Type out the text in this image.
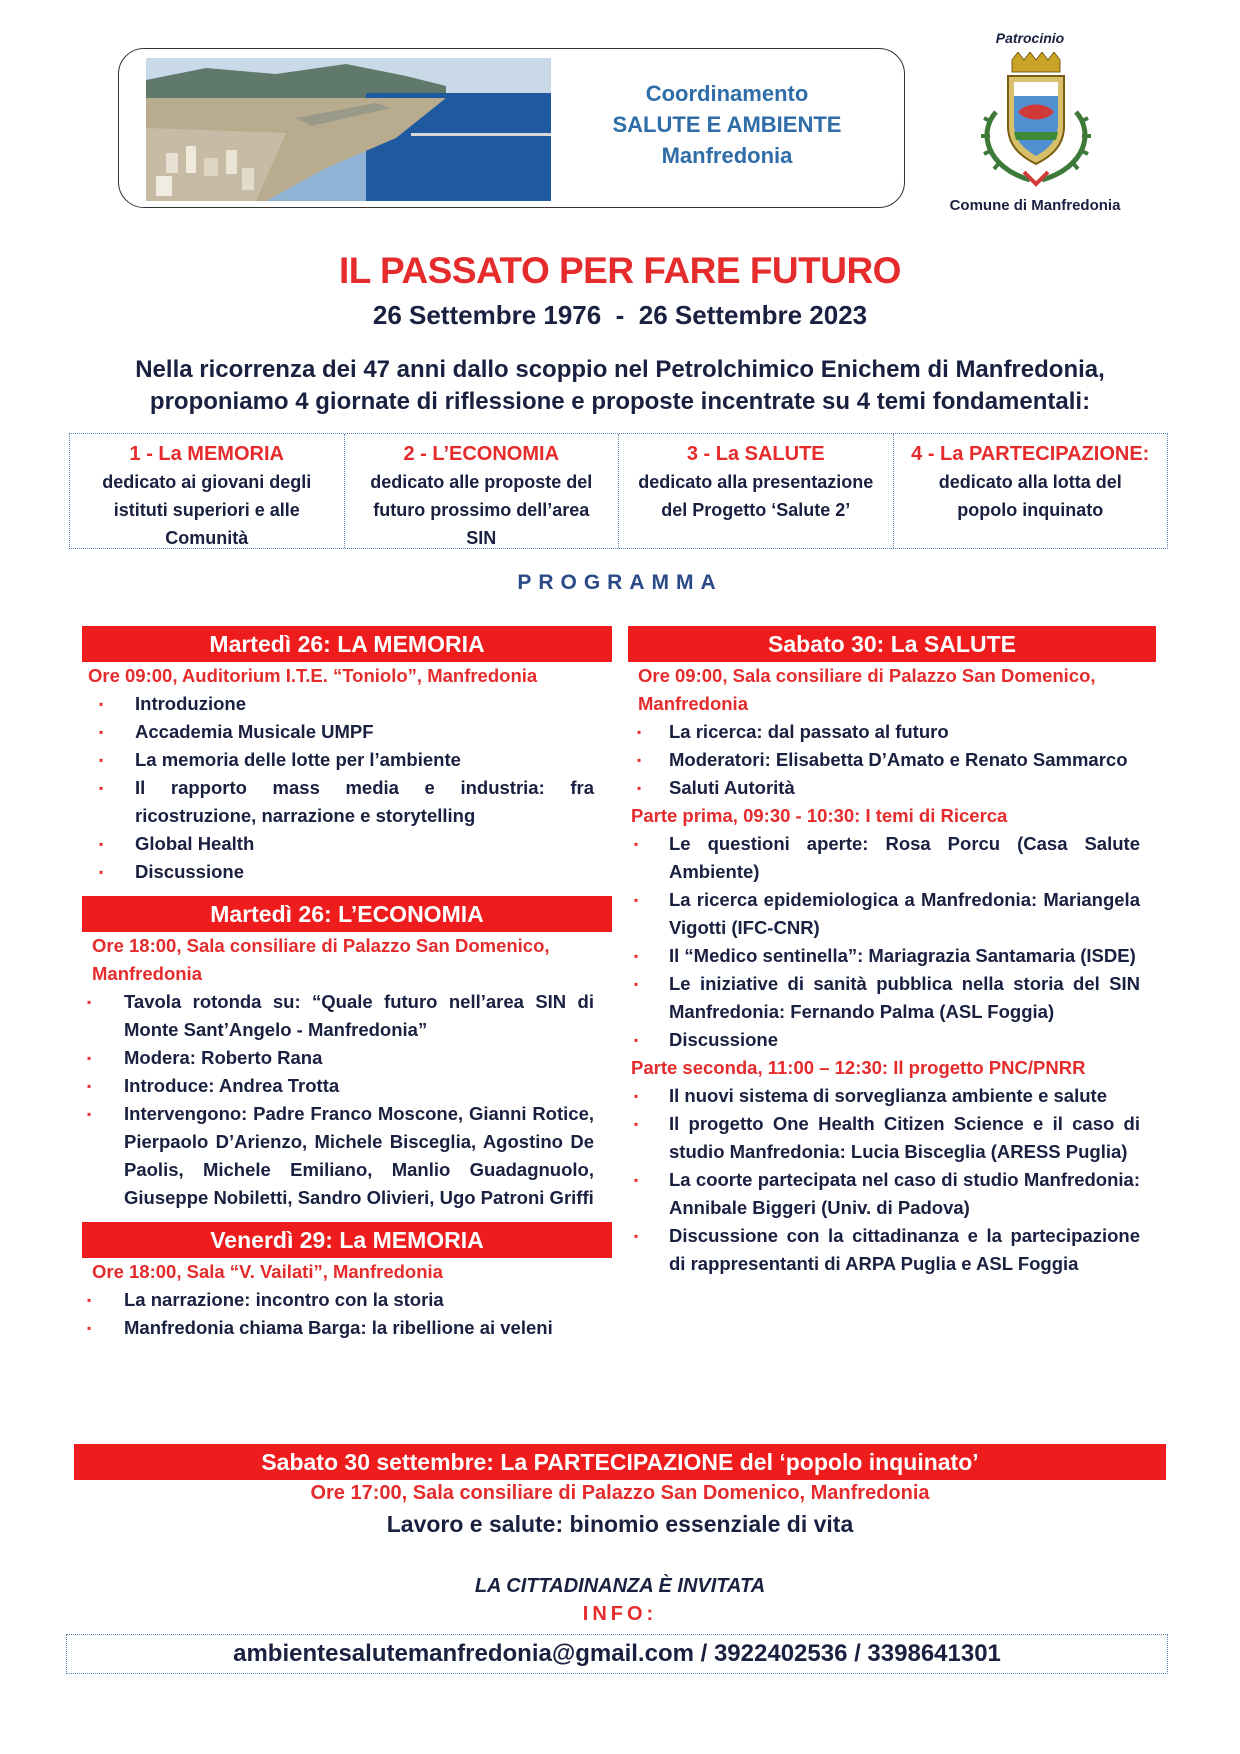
Coordinamento
SALUTE E AMBIENTE
Manfredonia
Patrocinio
Comune di Manfredonia
IL PASSATO PER FARE FUTURO
26 Settembre 1976  -  26 Settembre 2023
Nella ricorrenza dei 47 anni dallo scoppio nel Petrolchimico Enichem di Manfredonia,
proponiamo 4 giornate di riflessione e proposte incentrate su 4 temi fondamentali:
1 - La MEMORIA
dedicato ai giovani degli istituti superiori e alle Comunità
2 - L’ECONOMIA
dedicato alle proposte del futuro prossimo dell’area SIN
3 - La SALUTE
dedicato alla presentazione del Progetto ‘Salute 2’
4 - La PARTECIPAZIONE:
dedicato alla lotta del popolo inquinato
PROGRAMMA
Martedì 26: LA MEMORIA
Ore 09:00, Auditorium I.T.E. “Toniolo”, Manfredonia
▪ Introduzione
▪ Accademia Musicale UMPF
▪ La memoria delle lotte per l’ambiente
▪ Il rapporto mass media e industria: fra ricostruzione, narrazione e storytelling
▪ Global Health
▪ Discussione
Martedì 26: L’ECONOMIA
Ore 18:00, Sala consiliare di Palazzo San Domenico, Manfredonia
▪ Tavola rotonda su: “Quale futuro nell’area SIN di Monte Sant’Angelo - Manfredonia”
▪ Modera: Roberto Rana
▪ Introduce: Andrea Trotta
▪ Intervengono: Padre Franco Moscone, Gianni Rotice, Pierpaolo D’Arienzo, Michele Bisceglia, Agostino De Paolis, Michele Emiliano, Manlio Guadagnuolo, Giuseppe Nobiletti, Sandro Olivieri, Ugo Patroni Griffi
Venerdì 29: La MEMORIA
Ore 18:00, Sala “V. Vailati”, Manfredonia
▪ La narrazione: incontro con la storia
▪ Manfredonia chiama Barga: la ribellione ai veleni
Sabato 30: La SALUTE
Ore 09:00, Sala consiliare di Palazzo San Domenico, Manfredonia
▪ La ricerca: dal passato al futuro
▪ Moderatori: Elisabetta D’Amato e Renato Sammarco
▪ Saluti Autorità
Parte prima, 09:30 - 10:30: I temi di Ricerca
▪ Le questioni aperte: Rosa Porcu (Casa Salute Ambiente)
▪ La ricerca epidemiologica a Manfredonia: Mariangela Vigotti (IFC-CNR)
▪ Il “Medico sentinella”: Mariagrazia Santamaria (ISDE)
▪ Le iniziative di sanità pubblica nella storia del SIN Manfredonia: Fernando Palma (ASL Foggia)
▪ Discussione
Parte seconda, 11:00 – 12:30: Il progetto PNC/PNRR
▪ Il nuovi sistema di sorveglianza ambiente e salute
▪ Il progetto One Health Citizen Science e il caso di studio Manfredonia: Lucia Bisceglia (ARESS Puglia)
▪ La coorte partecipata nel caso di studio Manfredonia: Annibale Biggeri (Univ. di Padova)
▪ Discussione con la cittadinanza e la partecipazione di rappresentanti di ARPA Puglia e ASL Foggia
Sabato 30 settembre: La PARTECIPAZIONE del ‘popolo inquinato’
Ore 17:00, Sala consiliare di Palazzo San Domenico, Manfredonia
Lavoro e salute: binomio essenziale di vita
LA CITTADINANZA È INVITATA
INFO:
ambientesalutemanfredonia@gmail.com / 3922402536 / 3398641301
